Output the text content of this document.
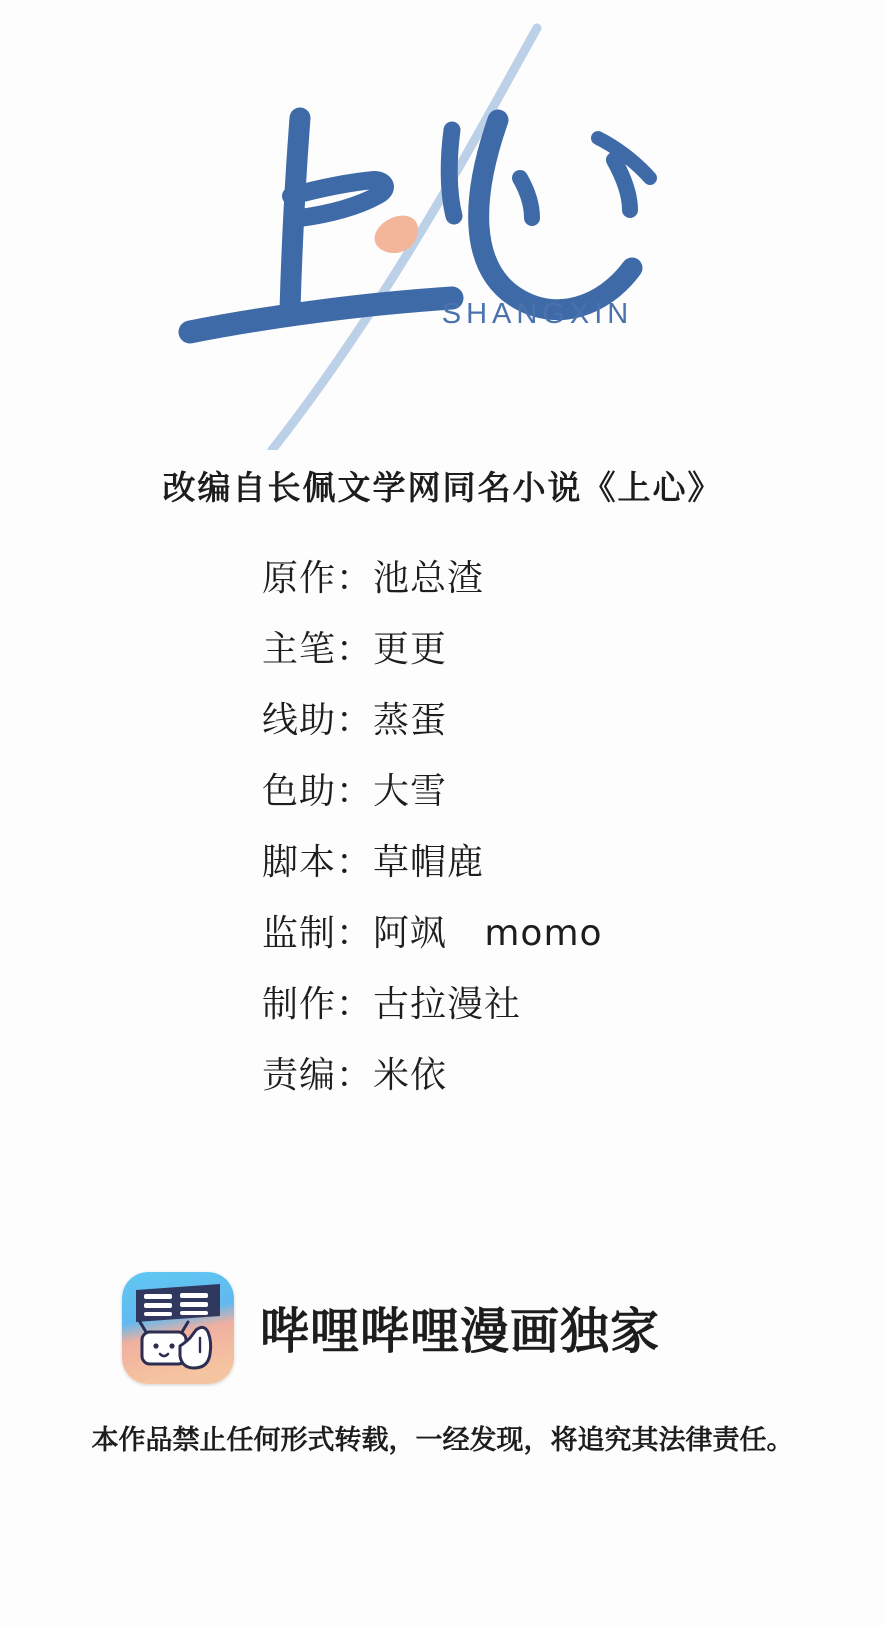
SHANGXIN
改编自长佩文学网同名小说《上心》
原作： 池总渣
主笔： 更更
线助： 蒸蛋
色助： 大雪
脚本： 草帽鹿
监制： 阿飒   momo
制作： 古拉漫社
责编： 米依
哔哩哔哩漫画独家
本作品禁止任何形式转载，一经发现，将追究其法律责任。
